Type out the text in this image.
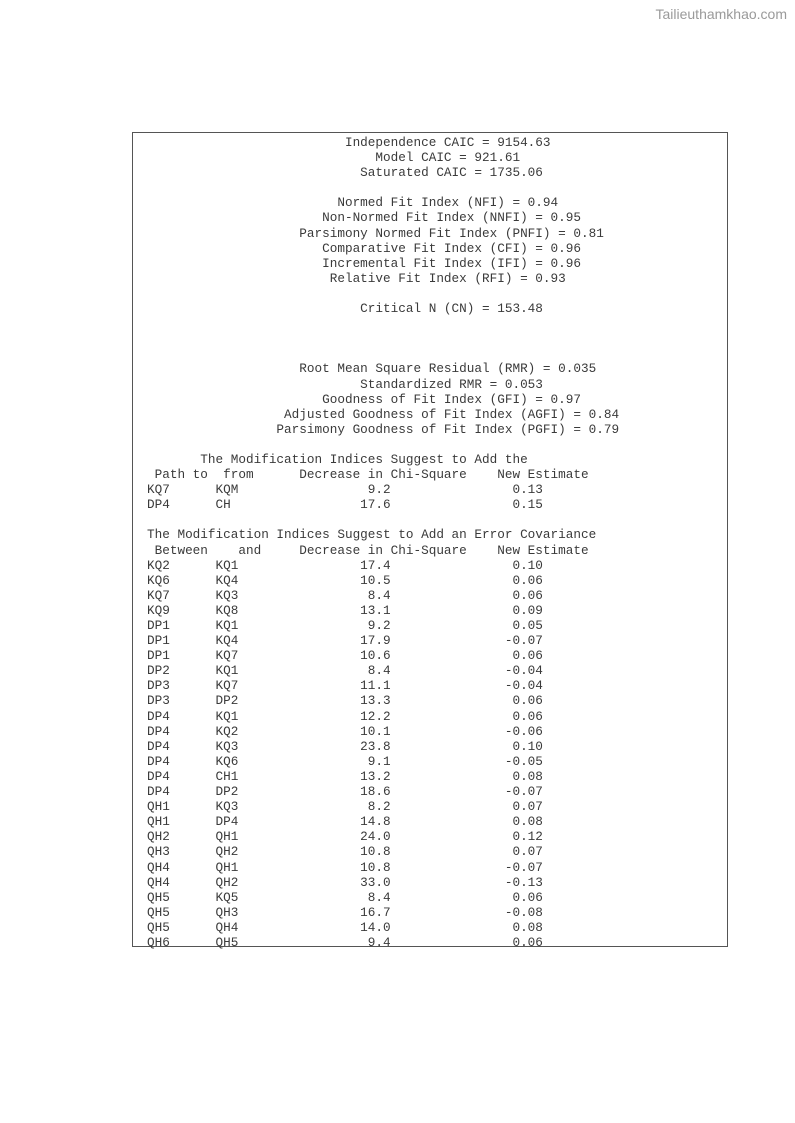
Tailieuthamkhao.com
Independence CAIC = 9154.63
Model CAIC = 921.61
Saturated CAIC = 1735.06

Normed Fit Index (NFI) = 0.94
Non-Normed Fit Index (NNFI) = 0.95
Parsimony Normed Fit Index (PNFI) = 0.81
Comparative Fit Index (CFI) = 0.96
Incremental Fit Index (IFI) = 0.96
Relative Fit Index (RFI) = 0.93

Critical N (CN) = 153.48

Root Mean Square Residual (RMR) = 0.035
Standardized RMR = 0.053
Goodness of Fit Index (GFI) = 0.97
Adjusted Goodness of Fit Index (AGFI) = 0.84
Parsimony Goodness of Fit Index (PGFI) = 0.79

The Modification Indices Suggest to Add the
Path to  from      Decrease in Chi-Square    New Estimate
KQ7      KQM                 9.2                0.13
DP4      CH                 17.6                0.15

The Modification Indices Suggest to Add an Error Covariance
Between    and     Decrease in Chi-Square    New Estimate
KQ2      KQ1                17.4                0.10
KQ6      KQ4                10.5                0.06
KQ7      KQ3                 8.4                0.06
KQ9      KQ8                13.1                0.09
DP1      KQ1                 9.2                0.05
DP1      KQ4                17.9               -0.07
DP1      KQ7                10.6                0.06
DP2      KQ1                 8.4               -0.04
DP3      KQ7                11.1               -0.04
DP3      DP2                13.3                0.06
DP4      KQ1                12.2                0.06
DP4      KQ2                10.1               -0.06
DP4      KQ3                23.8                0.10
DP4      KQ6                 9.1               -0.05
DP4      CH1                13.2                0.08
DP4      DP2                18.6               -0.07
QH1      KQ3                 8.2                0.07
QH1      DP4                14.8                0.08
QH2      QH1                24.0                0.12
QH3      QH2                10.8                0.07
QH4      QH1                10.8               -0.07
QH4      QH2                33.0               -0.13
QH5      KQ5                 8.4                0.06
QH5      QH3                16.7               -0.08
QH5      QH4                14.0                0.08
QH6      QH5                 9.4                0.06
